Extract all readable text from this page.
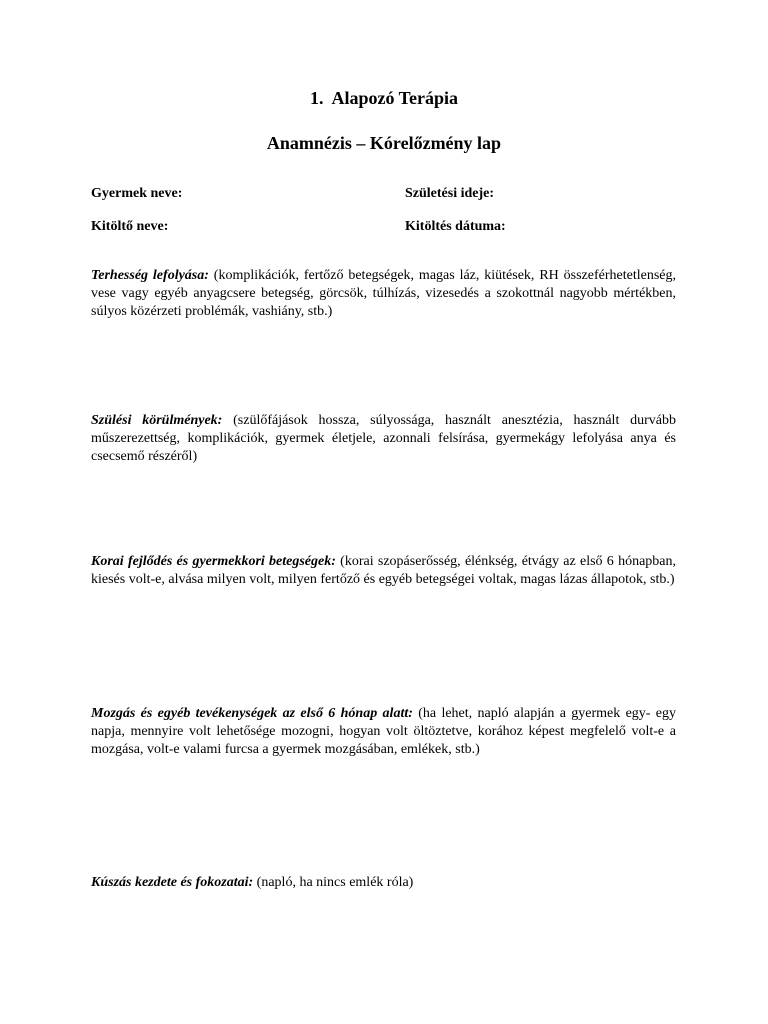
1. Alapozó Terápia
Anamnézis – Kórelőzmény lap
Gyermek neve:	Születési ideje:
Kitöltő neve:	Kitöltés dátuma:
Terhesség lefolyása: (komplikációk, fertőző betegségek, magas láz, kiütések, RH összeférhetetlenség, vese vagy egyéb anyagcsere betegség, görcsök, túlhízás, vizesedés a szokottnál nagyobb mértékben, súlyos közérzeti problémák, vashiány, stb.)
Szülési körülmények: (szülőfájások hossza, súlyossága, használt anesztézia, használt durvább műszerezettség, komplikációk, gyermek életjele, azonnali felsírása, gyermekágy lefolyása anya és csecsemő részéről)
Korai fejlődés és gyermekkori betegségek: (korai szopáserősség, élénkség, étvágy az első 6 hónapban, kiesés volt-e, alvása milyen volt, milyen fertőző és egyéb betegségei voltak, magas lázas állapotok, stb.)
Mozgás és egyéb tevékenységek az első 6 hónap alatt: (ha lehet, napló alapján a gyermek egy- egy napja, mennyire volt lehetősége mozogni, hogyan volt öltöztetve, korához képest megfelelő volt-e a mozgása, volt-e valami furcsa a gyermek mozgásában, emlékek, stb.)
Kúszás kezdete és fokozatai: (napló, ha nincs emlék róla)
